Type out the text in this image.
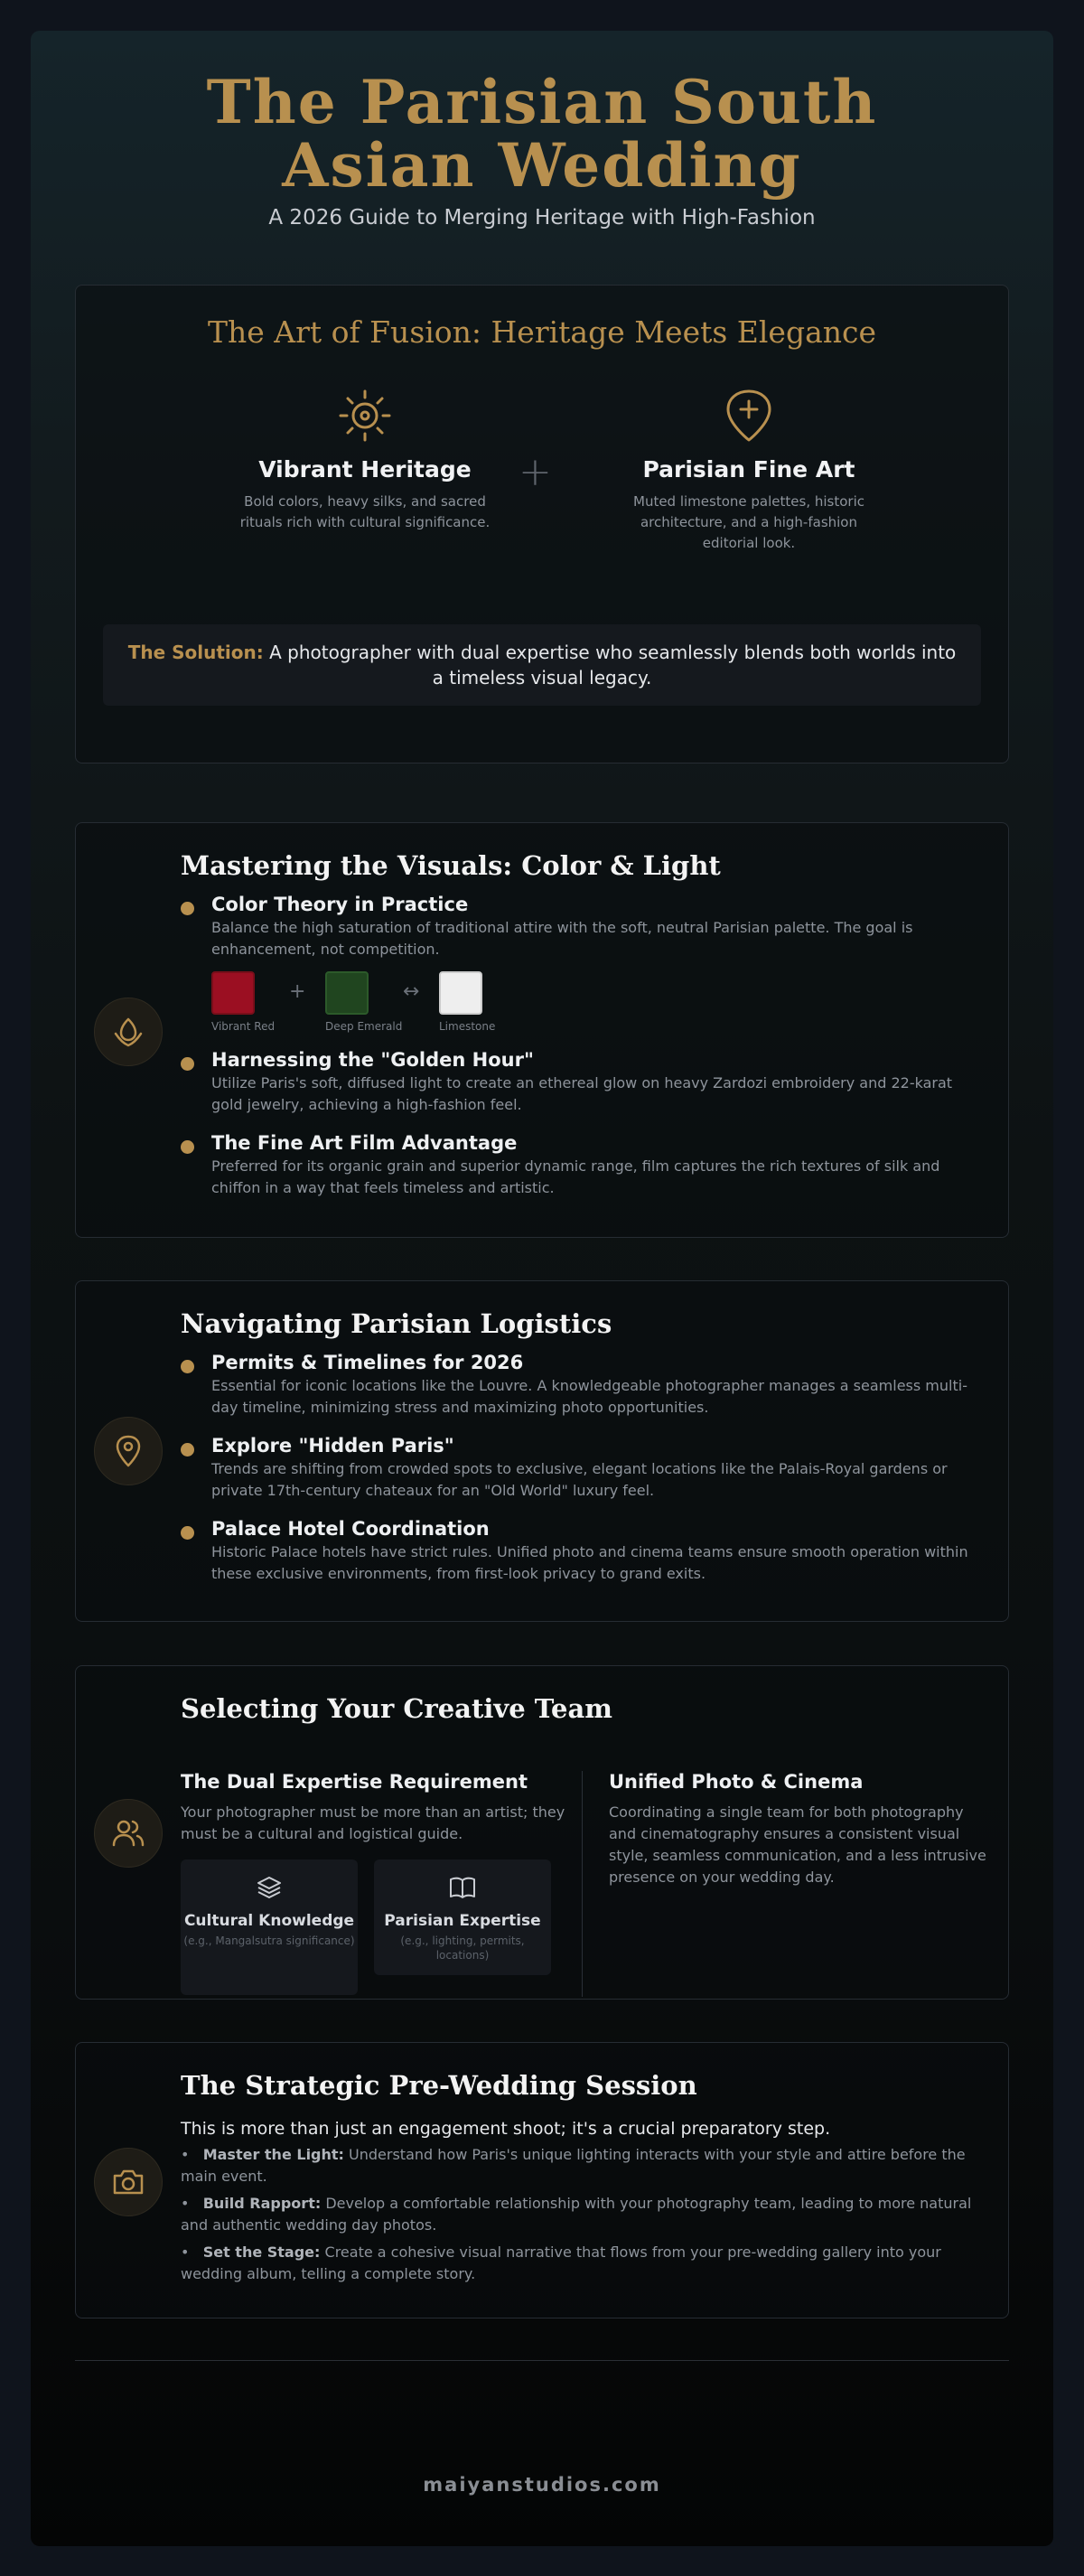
The Parisian South Asian Wedding
A 2026 Guide to Merging Heritage with High-Fashion
The Art of Fusion: Heritage Meets Elegance
Vibrant Heritage
Bold colors, heavy silks, and sacred rituals rich with cultural significance.
+	Parisian Fine Art
Muted limestone palettes, historic architecture, and a high-fashion editorial look.
The Solution: A photographer with dual expertise who seamlessly blends both worlds into a timeless visual legacy.
Mastering the Visuals: Color & Light
Color Theory in Practice
Balance the high saturation of traditional attire with the soft, neutral Parisian palette. The goal is enhancement, not competition.
Vibrant Red
+
Deep Emerald
↔
Limestone
Harnessing the "Golden Hour"
Utilize Paris's soft, diffused light to create an ethereal glow on heavy Zardozi embroidery and 22-karat gold jewelry, achieving a high-fashion feel.
The Fine Art Film Advantage
Preferred for its organic grain and superior dynamic range, film captures the rich textures of silk and chiffon in a way that feels timeless and artistic.
Navigating Parisian Logistics
Permits & Timelines for 2026
Essential for iconic locations like the Louvre. A knowledgeable photographer manages a seamless multi-day timeline, minimizing stress and maximizing photo opportunities.
Explore "Hidden Paris"
Trends are shifting from crowded spots to exclusive, elegant locations like the Palais-Royal gardens or private 17th-century chateaux for an "Old World" luxury feel.
Palace Hotel Coordination
Historic Palace hotels have strict rules. Unified photo and cinema teams ensure smooth operation within these exclusive environments, from first-look privacy to grand exits.
Selecting Your Creative Team
The Dual Expertise Requirement
Your photographer must be more than an artist; they must be a cultural and logistical guide.
Cultural Knowledge
(e.g., Mangalsutra significance)
Parisian Expertise
(e.g., lighting, permits, locations)
Unified Photo & Cinema
Coordinating a single team for both photography and cinematography ensures a consistent visual style, seamless communication, and a less intrusive presence on your wedding day.
The Strategic Pre-Wedding Session
This is more than just an engagement shoot; it's a crucial preparatory step.
•   Master the Light: Understand how Paris's unique lighting interacts with your style and attire before the main event.
•   Build Rapport: Develop a comfortable relationship with your photography team, leading to more natural and authentic wedding day photos.
•   Set the Stage: Create a cohesive visual narrative that flows from your pre-wedding gallery into your wedding album, telling a complete story.
maiyanstudios.com
